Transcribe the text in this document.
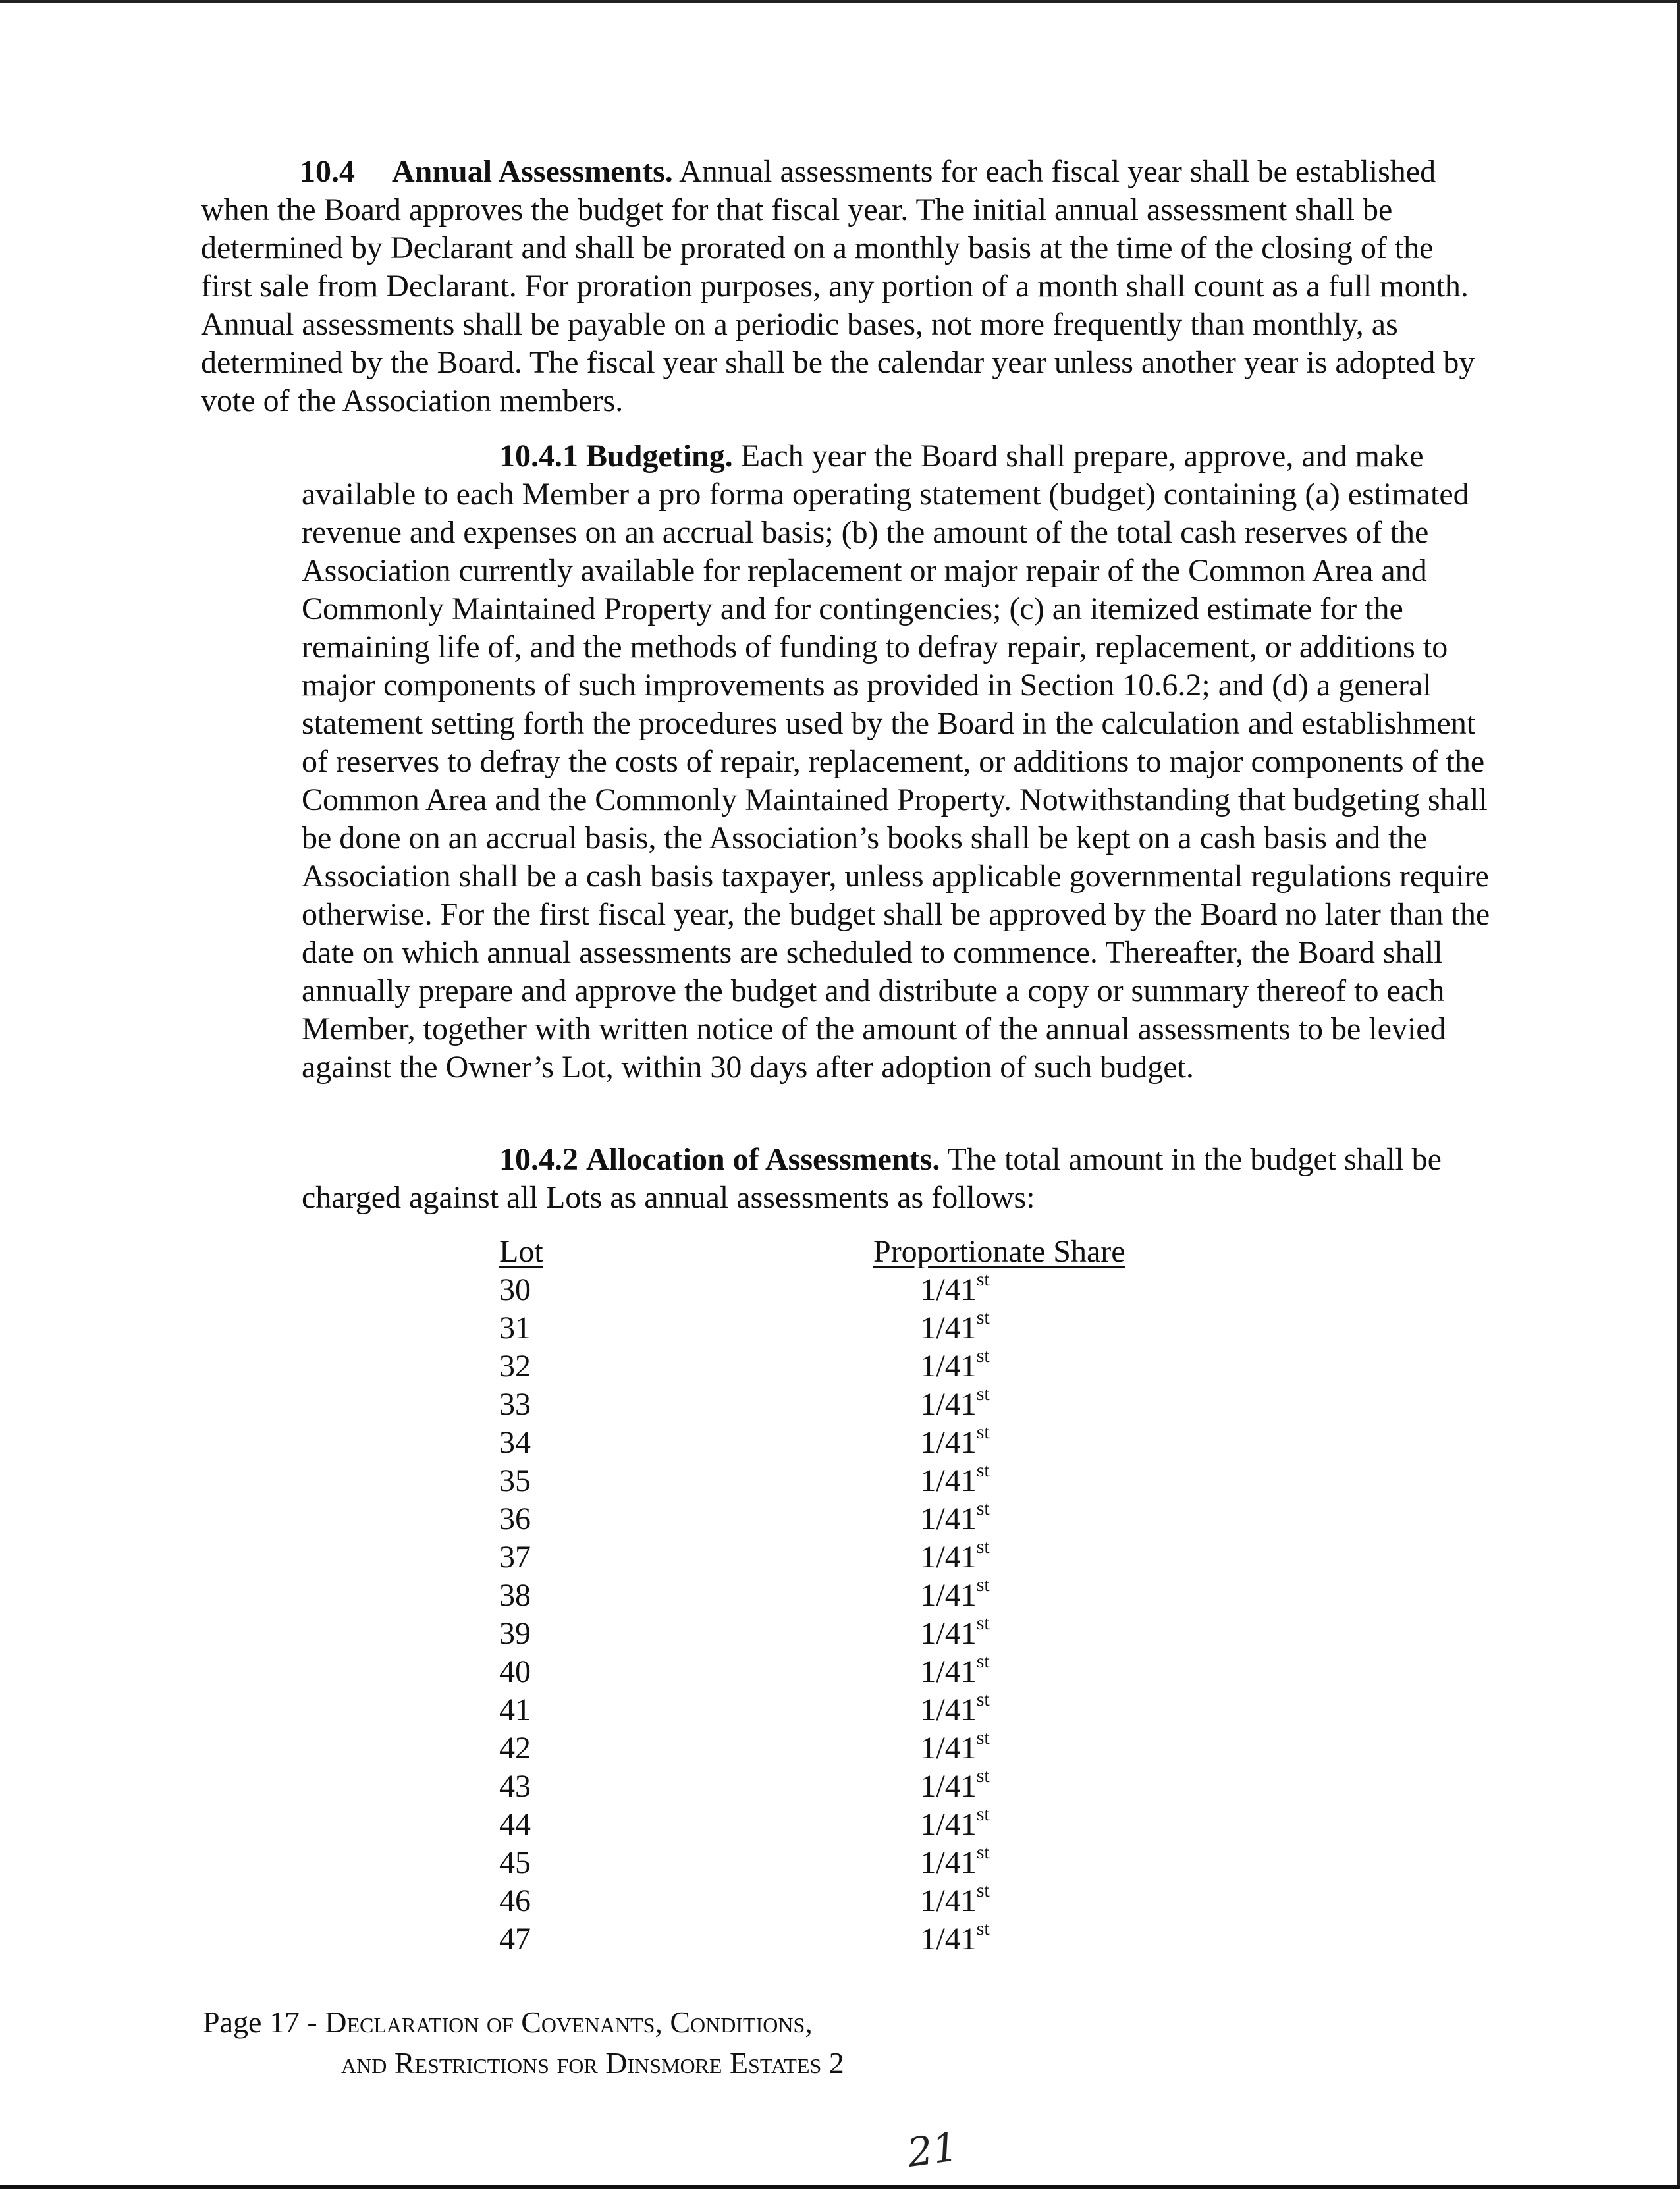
10.4 Annual Assessments. Annual assessments for each fiscal year shall be established when the Board approves the budget for that fiscal year. The initial annual assessment shall be determined by Declarant and shall be prorated on a monthly basis at the time of the closing of the first sale from Declarant. For proration purposes, any portion of a month shall count as a full month. Annual assessments shall be payable on a periodic bases, not more frequently than monthly, as determined by the Board. The fiscal year shall be the calendar year unless another year is adopted by vote of the Association members.

10.4.1 Budgeting. Each year the Board shall prepare, approve, and make available to each Member a pro forma operating statement (budget) containing (a) estimated revenue and expenses on an accrual basis; (b) the amount of the total cash reserves of the Association currently available for replacement or major repair of the Common Area and Commonly Maintained Property and for contingencies; (c) an itemized estimate for the remaining life of, and the methods of funding to defray repair, replacement, or additions to major components of such improvements as provided in Section 10.6.2; and (d) a general statement setting forth the procedures used by the Board in the calculation and establishment of reserves to defray the costs of repair, replacement, or additions to major components of the Common Area and the Commonly Maintained Property. Notwithstanding that budgeting shall be done on an accrual basis, the Association’s books shall be kept on a cash basis and the Association shall be a cash basis taxpayer, unless applicable governmental regulations require otherwise. For the first fiscal year, the budget shall be approved by the Board no later than the date on which annual assessments are scheduled to commence. Thereafter, the Board shall annually prepare and approve the budget and distribute a copy or summary thereof to each Member, together with written notice of the amount of the annual assessments to be levied against the Owner’s Lot, within 30 days after adoption of such budget.

10.4.2 Allocation of Assessments. The total amount in the budget shall be charged against all Lots as annual assessments as follows:

Lot	Proportionate Share
30	1/41st
31	1/41st
32	1/41st
33	1/41st
34	1/41st
35	1/41st
36	1/41st
37	1/41st
38	1/41st
39	1/41st
40	1/41st
41	1/41st
42	1/41st
43	1/41st
44	1/41st
45	1/41st
46	1/41st
47	1/41st
Page 17 - Declaration of Covenants, Conditions,
and Restrictions for Dinsmore Estates 2
21
